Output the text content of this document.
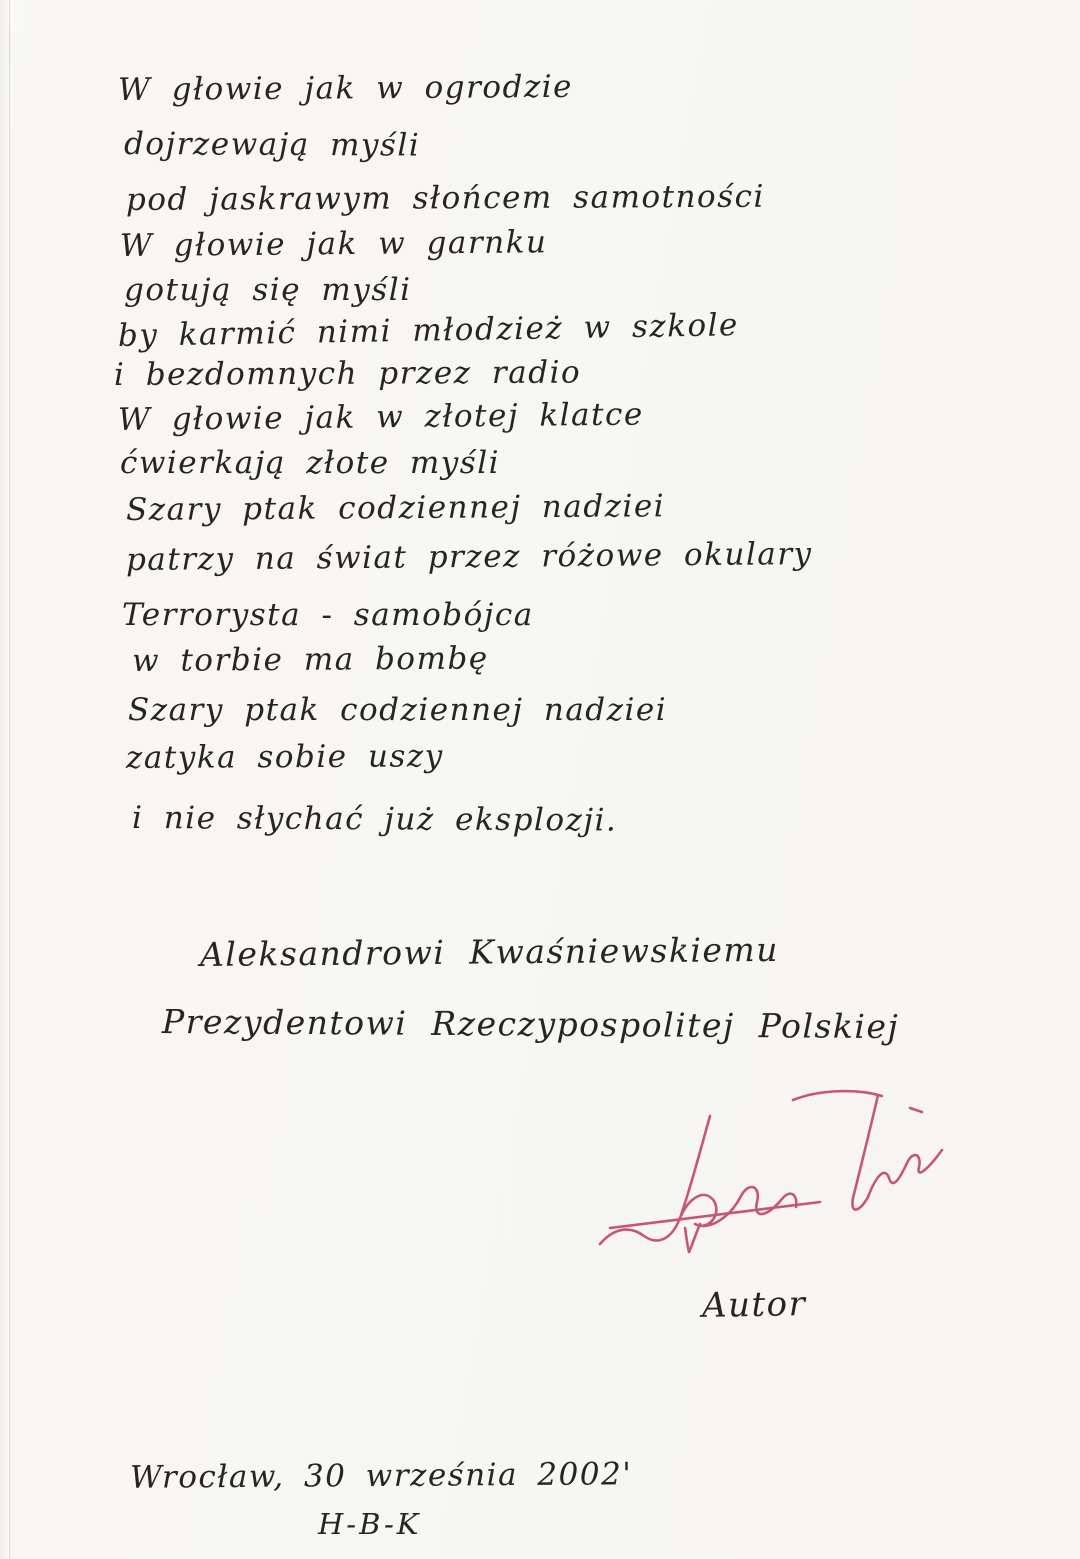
W głowie jak w ogrodzie
dojrzewają myśli
pod jaskrawym słońcem samotności
W głowie jak w garnku
gotują się myśli
by karmić nimi młodzież w szkole
i bezdomnych przez radio
W głowie jak w złotej klatce
ćwierkają złote myśli
Szary ptak codziennej nadziei
patrzy na świat przez różowe okulary
Terrorysta - samobójca
w torbie ma bombę
Szary ptak codziennej nadziei
zatyka sobie uszy
i nie słychać już eksplozji.
Aleksandrowi Kwaśniewskiemu
Prezydentowi Rzeczypospolitej Polskiej
Autor
Wrocław, 30 września 2002'
H-B-K
